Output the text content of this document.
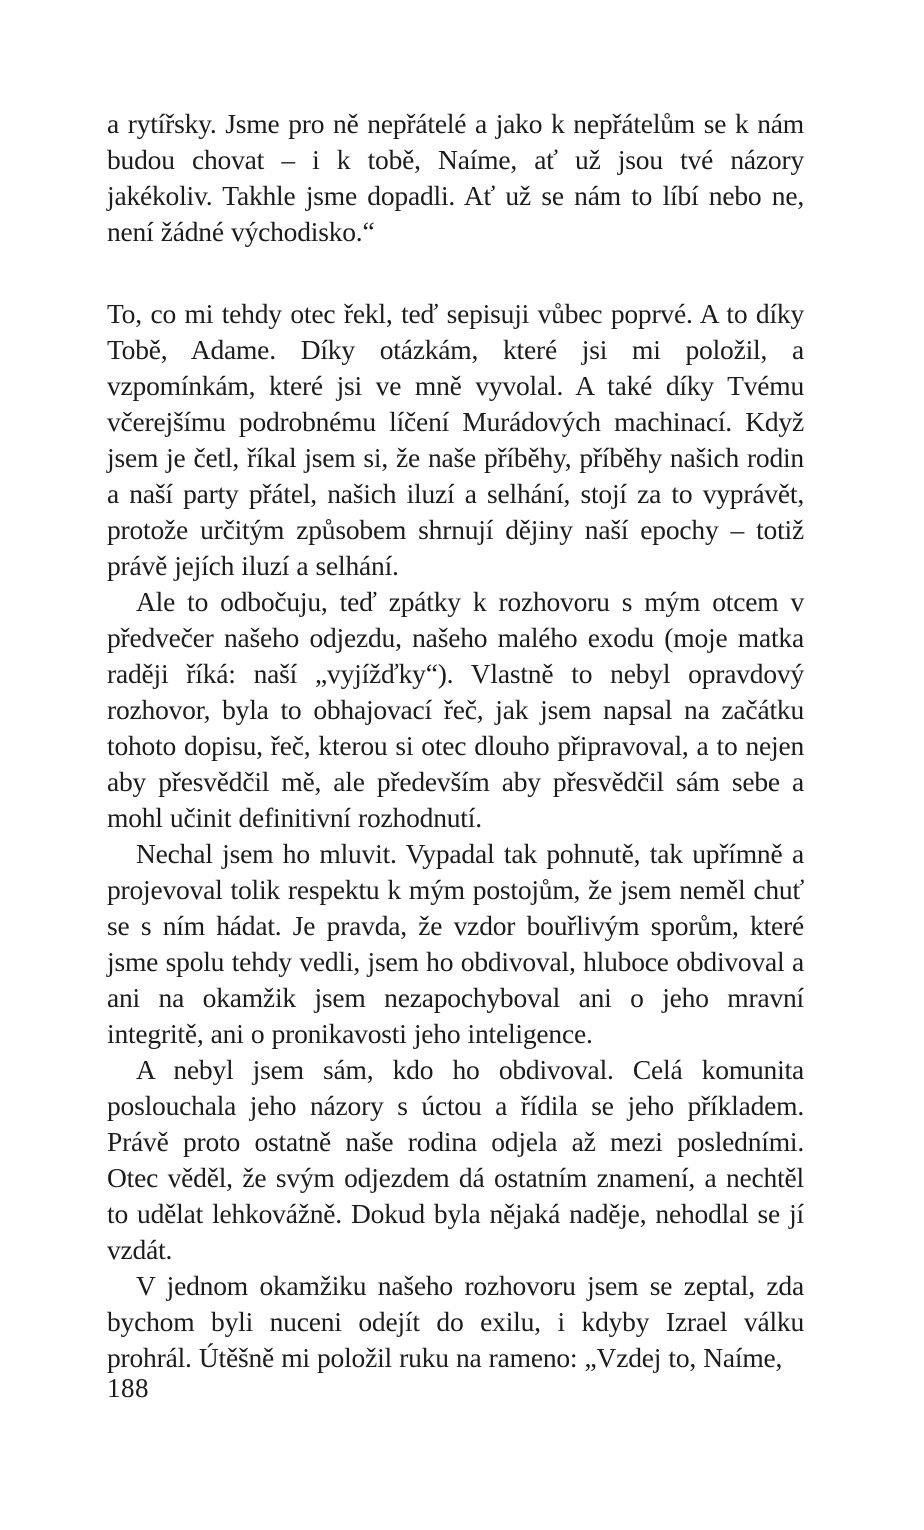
a rytířsky. Jsme pro ně nepřátelé a jako k nepřátelům se k nám budou chovat – i k tobě, Naíme, ať už jsou tvé názory jakékoliv. Takhle jsme dopadli. Ať už se nám to líbí nebo ne, není žádné východisko.“

To, co mi tehdy otec řekl, teď sepisuji vůbec poprvé. A to díky Tobě, Adame. Díky otázkám, které jsi mi položil, a vzpomínkám, které jsi ve mně vyvolal. A také díky Tvému včerejšímu podrobnému líčení Murádových machinací. Když jsem je četl, říkal jsem si, že naše příběhy, příběhy našich rodin a naší party přátel, našich iluzí a selhání, stojí za to vyprávět, protože určitým způsobem shrnují dějiny naší epochy – totiž právě jejích iluzí a selhání.

Ale to odbočuju, teď zpátky k rozhovoru s mým otcem v předvečer našeho odjezdu, našeho malého exodu (moje matka raději říká: naší „vyjížďky“). Vlastně to nebyl opravdový rozhovor, byla to obhajovací řeč, jak jsem napsal na začátku tohoto dopisu, řeč, kterou si otec dlouho připravoval, a to nejen aby přesvědčil mě, ale především aby přesvědčil sám sebe a mohl učinit definitivní rozhodnutí.

Nechal jsem ho mluvit. Vypadal tak pohnutě, tak upřímně a projevoval tolik respektu k mým postojům, že jsem neměl chuť se s ním hádat. Je pravda, že vzdor bouřlivým sporům, které jsme spolu tehdy vedli, jsem ho obdivoval, hluboce obdivoval a ani na okamžik jsem nezapochyboval ani o jeho mravní integritě, ani o pronikavosti jeho inteligence.

A nebyl jsem sám, kdo ho obdivoval. Celá komunita poslouchala jeho názory s úctou a řídila se jeho příkladem. Právě proto ostatně naše rodina odjela až mezi posledními. Otec věděl, že svým odjezdem dá ostatním znamení, a nechtěl to udělat lehkovážně. Dokud byla nějaká naděje, nehodlal se jí vzdát.

V jednom okamžiku našeho rozhovoru jsem se zeptal, zda bychom byli nuceni odejít do exilu, i kdyby Izrael válku prohrál. Útěšně mi položil ruku na rameno: „Vzdej to, Naíme,

188
